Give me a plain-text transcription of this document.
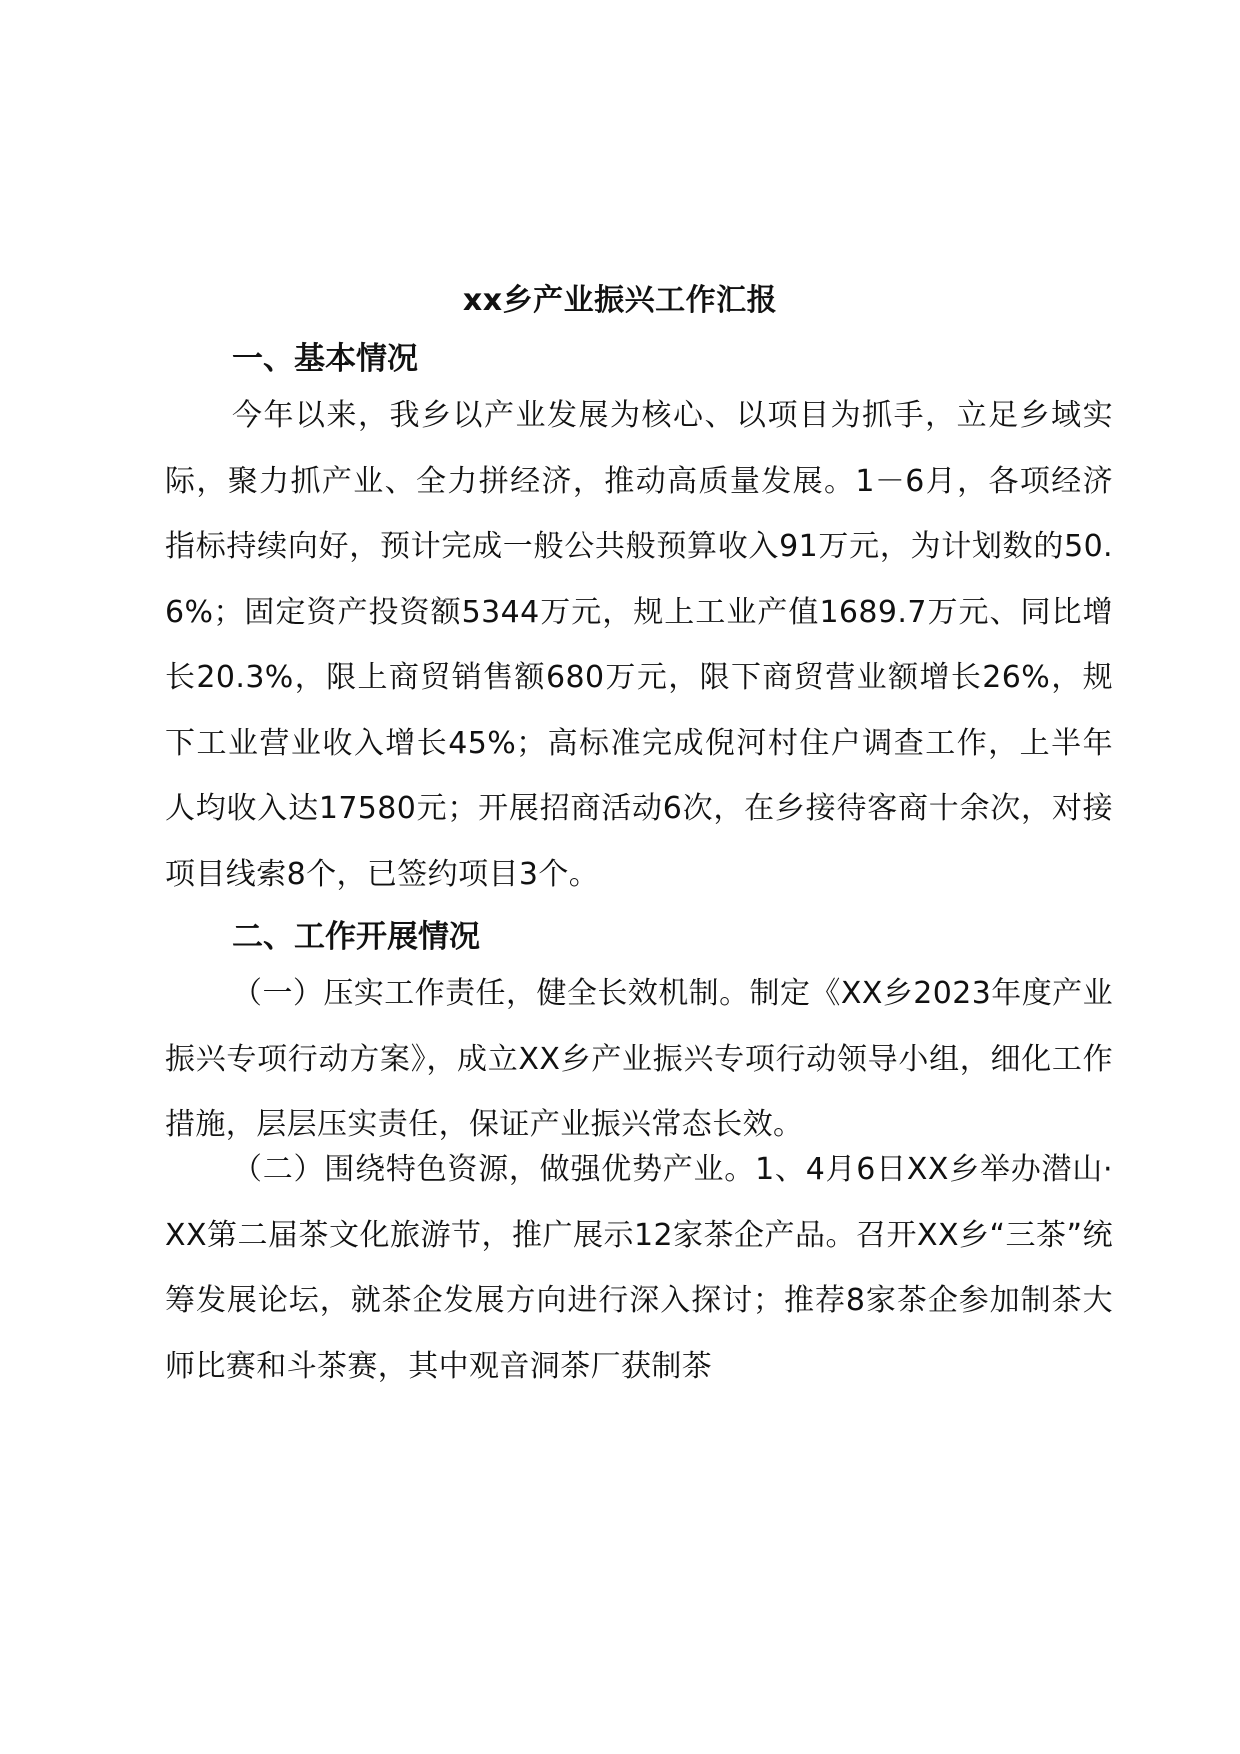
xx乡产业振兴工作汇报
一、基本情况
今年以来，我乡以产业发展为核心、以项目为抓手，立足乡域实际，聚力抓产业、全力拼经济，推动高质量发展。1－6月，各项经济指标持续向好，预计完成一般公共般预算收入91万元，为计划数的50.6%；固定资产投资额5344万元，规上工业产值1689.7万元、同比增长20.3%，限上商贸销售额680万元，限下商贸营业额增长26%，规下工业营业收入增长45%；高标准完成倪河村住户调查工作，上半年人均收入达17580元；开展招商活动6次，在乡接待客商十余次，对接项目线索8个，已签约项目3个。
二、工作开展情况
（一）压实工作责任，健全长效机制。制定《XX乡2023年度产业振兴专项行动方案》，成立XX乡产业振兴专项行动领导小组，细化工作措施，层层压实责任，保证产业振兴常态长效。
（二）围绕特色资源，做强优势产业。1、4月6日XX乡举办潜山·XX第二届茶文化旅游节，推广展示12家茶企产品。召开XX乡“三茶”统筹发展论坛，就茶企发展方向进行深入探讨；推荐8家茶企参加制茶大师比赛和斗茶赛，其中观音洞茶厂获制茶
